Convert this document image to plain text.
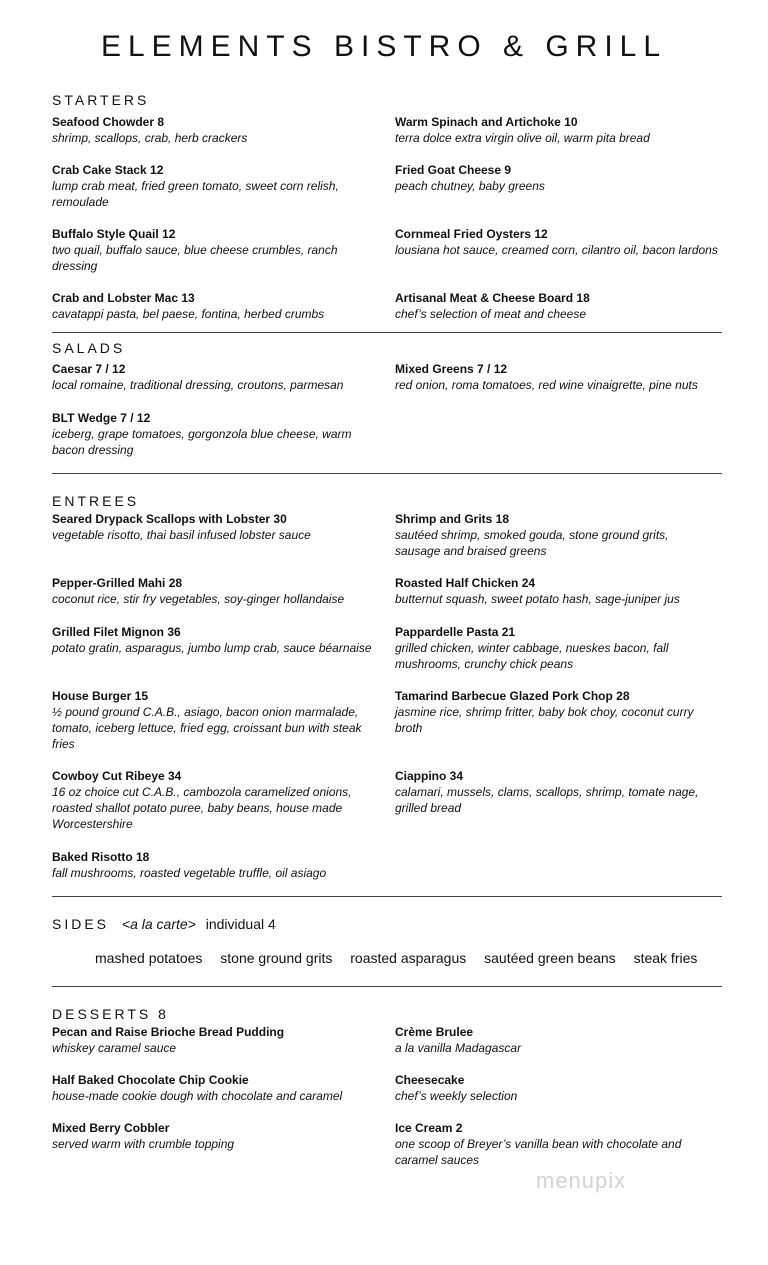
ELEMENTS BISTRO & GRILL
STARTERS
Seafood Chowder 8
shrimp, scallops, crab, herb crackers
Warm Spinach and Artichoke 10
terra dolce extra virgin olive oil, warm pita bread
Crab Cake Stack 12
lump crab meat, fried green tomato, sweet corn relish, remoulade
Fried Goat Cheese 9
peach chutney, baby greens
Buffalo Style Quail 12
two quail, buffalo sauce, blue cheese crumbles, ranch dressing
Cornmeal Fried Oysters 12
lousiana hot sauce, creamed corn, cilantro oil, bacon lardons
Crab and Lobster Mac 13
cavatappi pasta, bel paese, fontina, herbed crumbs
Artisanal Meat & Cheese Board 18
chef’s selection of meat and cheese
SALADS
Caesar 7 / 12
local romaine, traditional dressing, croutons, parmesan
Mixed Greens 7 / 12
red onion, roma tomatoes, red wine vinaigrette, pine nuts
BLT Wedge 7 / 12
iceberg, grape tomatoes, gorgonzola blue cheese, warm bacon dressing
ENTREES
Seared Drypack Scallops with Lobster 30
vegetable risotto, thai basil infused lobster sauce
Shrimp and Grits 18
sautéed shrimp, smoked gouda, stone ground grits, sausage and braised greens
Pepper-Grilled Mahi 28
coconut rice, stir fry vegetables, soy-ginger hollandaise
Roasted Half Chicken 24
butternut squash, sweet potato hash, sage-juniper jus
Grilled Filet Mignon 36
potato gratin, asparagus, jumbo lump crab, sauce béarnaise
Pappardelle Pasta 21
grilled chicken, winter cabbage, nueskes bacon, fall mushrooms, crunchy chick peans
House Burger 15
½ pound ground C.A.B., asiago, bacon onion marmalade, tomato, iceberg lettuce, fried egg, croissant bun with steak fries
Tamarind Barbecue Glazed Pork Chop 28
jasmine rice, shrimp fritter, baby bok choy, coconut curry broth
Cowboy Cut Ribeye 34
16 oz choice cut C.A.B., cambozola caramelized onions, roasted shallot potato puree, baby beans, house made Worcestershire
Ciappino 34
calamari, mussels, clams, scallops, shrimp, tomate nage, grilled bread
Baked Risotto 18
fall mushrooms, roasted vegetable truffle, oil asiago
SIDES <a la carte> individual 4
mashed potatoes stone ground grits roasted asparagus sautéed green beans steak fries
DESSERTS 8
Pecan and Raise Brioche Bread Pudding
whiskey caramel sauce
Crème Brulee
a la vanilla Madagascar
Half Baked Chocolate Chip Cookie
house-made cookie dough with chocolate and caramel
Cheesecake
chef’s weekly selection
Mixed Berry Cobbler
served warm with crumble topping
Ice Cream 2
one scoop of Breyer’s vanilla bean with chocolate and caramel sauces
menupix
